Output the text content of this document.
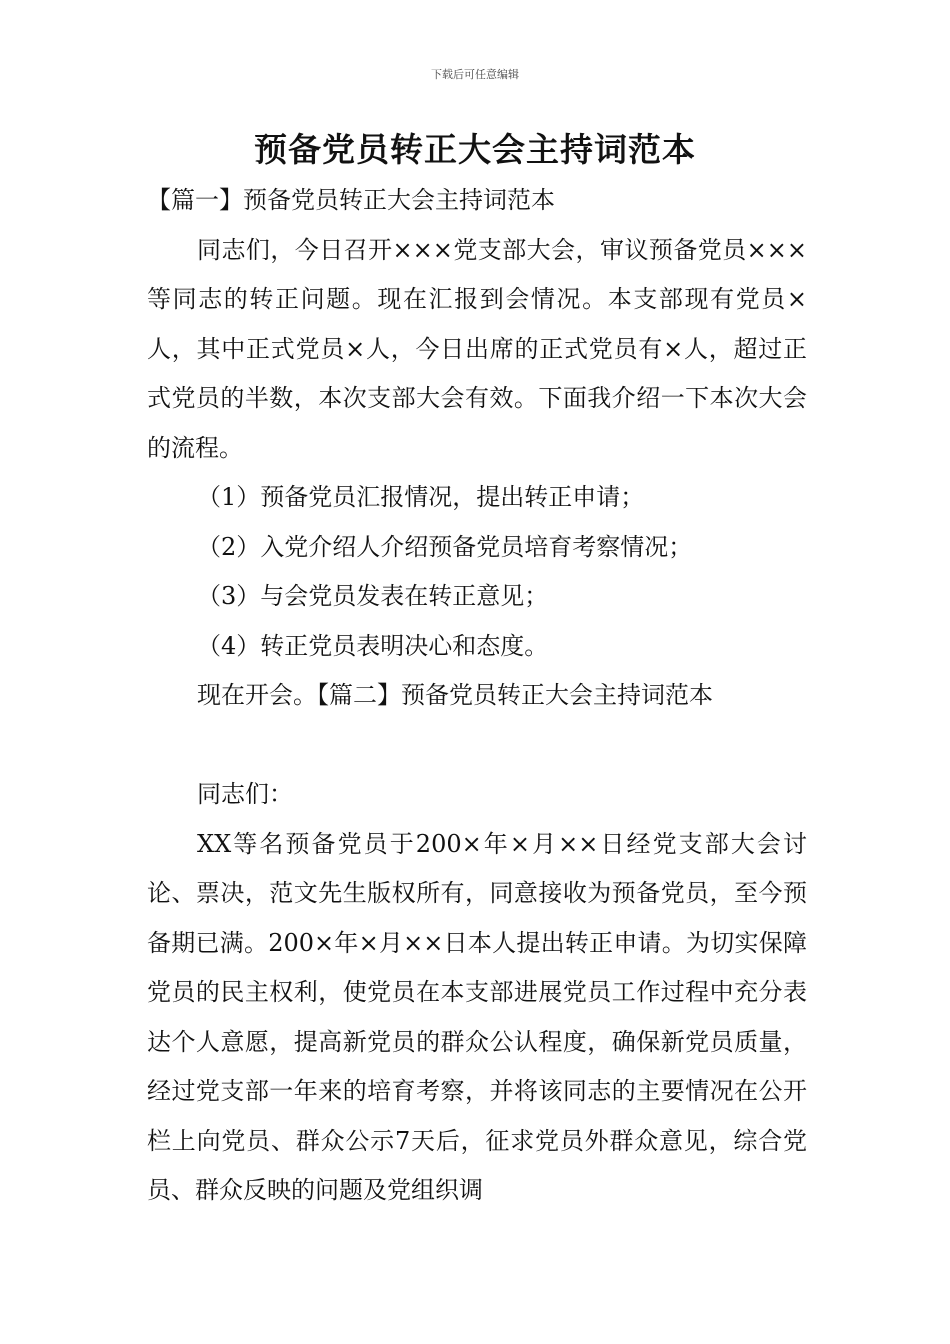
下载后可任意编辑
预备党员转正大会主持词范本

【篇一】预备党员转正大会主持词范本

同志们，今日召开×××党支部大会，审议预备党员×××等同志的转正问题。现在汇报到会情况。本支部现有党员×人，其中正式党员×人，今日出席的正式党员有×人，超过正式党员的半数，本次支部大会有效。下面我介绍一下本次大会的流程。

（1）预备党员汇报情况，提出转正申请；

（2）入党介绍人介绍预备党员培育考察情况；

（3）与会党员发表在转正意见；

（4）转正党员表明决心和态度。

现在开会。【篇二】预备党员转正大会主持词范本

同志们：

XX等名预备党员于200×年×月××日经党支部大会讨论、票决，范文先生版权所有，同意接收为预备党员，至今预备期已满。200×年×月××日本人提出转正申请。为切实保障党员的民主权利，使党员在本支部进展党员工作过程中充分表达个人意愿，提高新党员的群众公认程度，确保新党员质量，经过党支部一年来的培育考察，并将该同志的主要情况在公开栏上向党员、群众公示7天后，征求党员外群众意见，综合党员、群众反映的问题及党组织调
